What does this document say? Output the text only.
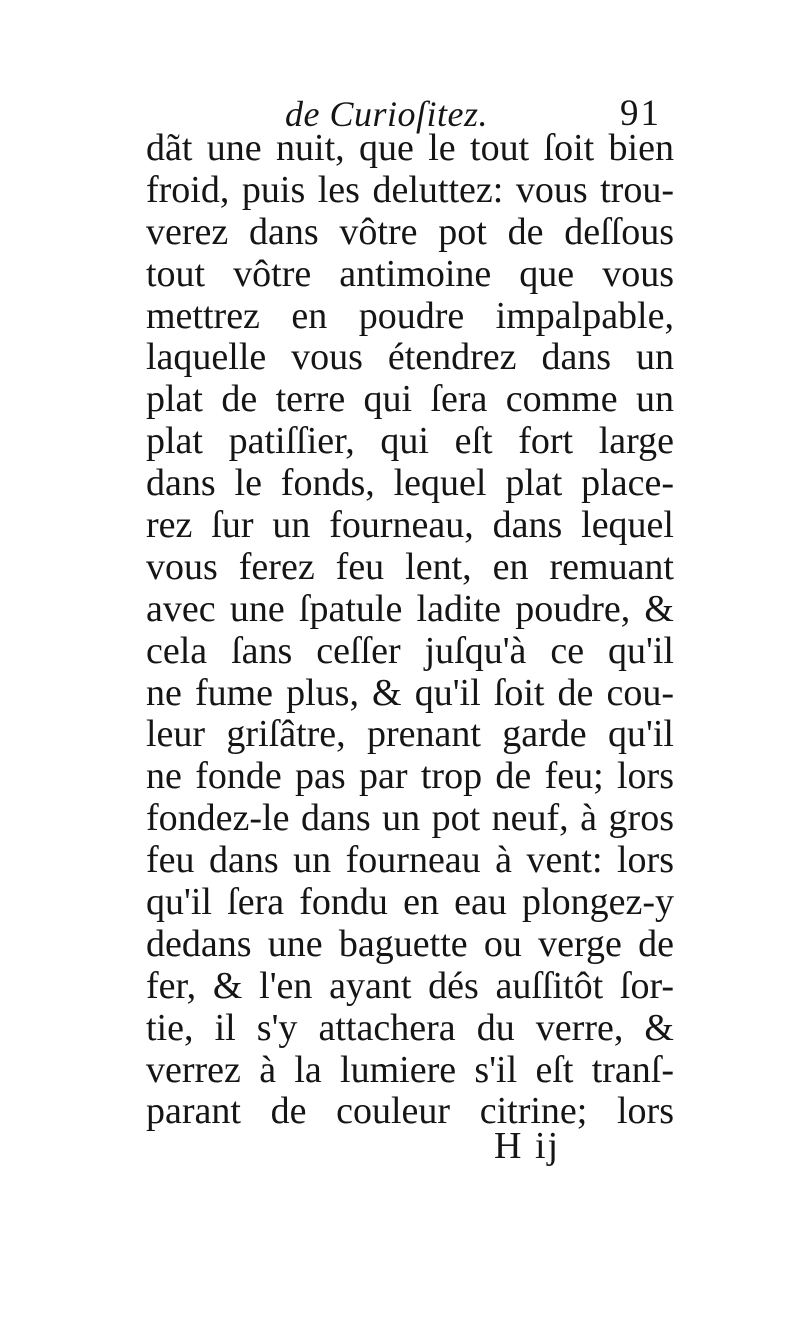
de Curioſitez.	91
dãt une nuit, que le tout ſoit bien
froid, puis les deluttez: vous trou-
verez dans vôtre pot de deſſous
tout vôtre antimoine que vous
mettrez en poudre impalpable,
laquelle vous étendrez dans un
plat de terre qui ſera comme un
plat patiſſier, qui eſt fort large
dans le fonds, lequel plat place-
rez ſur un fourneau, dans lequel
vous ferez feu lent, en remuant
avec une ſpatule ladite poudre, &
cela ſans ceſſer juſqu'à ce qu'il
ne fume plus, & qu'il ſoit de cou-
leur griſâtre, prenant garde qu'il
ne fonde pas par trop de feu; lors
fondez-le dans un pot neuf, à gros
feu dans un fourneau à vent: lors
qu'il ſera fondu en eau plongez-y
dedans une baguette ou verge de
fer, & l'en ayant dés auſſitôt ſor-
tie, il s'y attachera du verre, &
verrez à la lumiere s'il eſt tranſ-
parant de couleur citrine; lors
H ij
